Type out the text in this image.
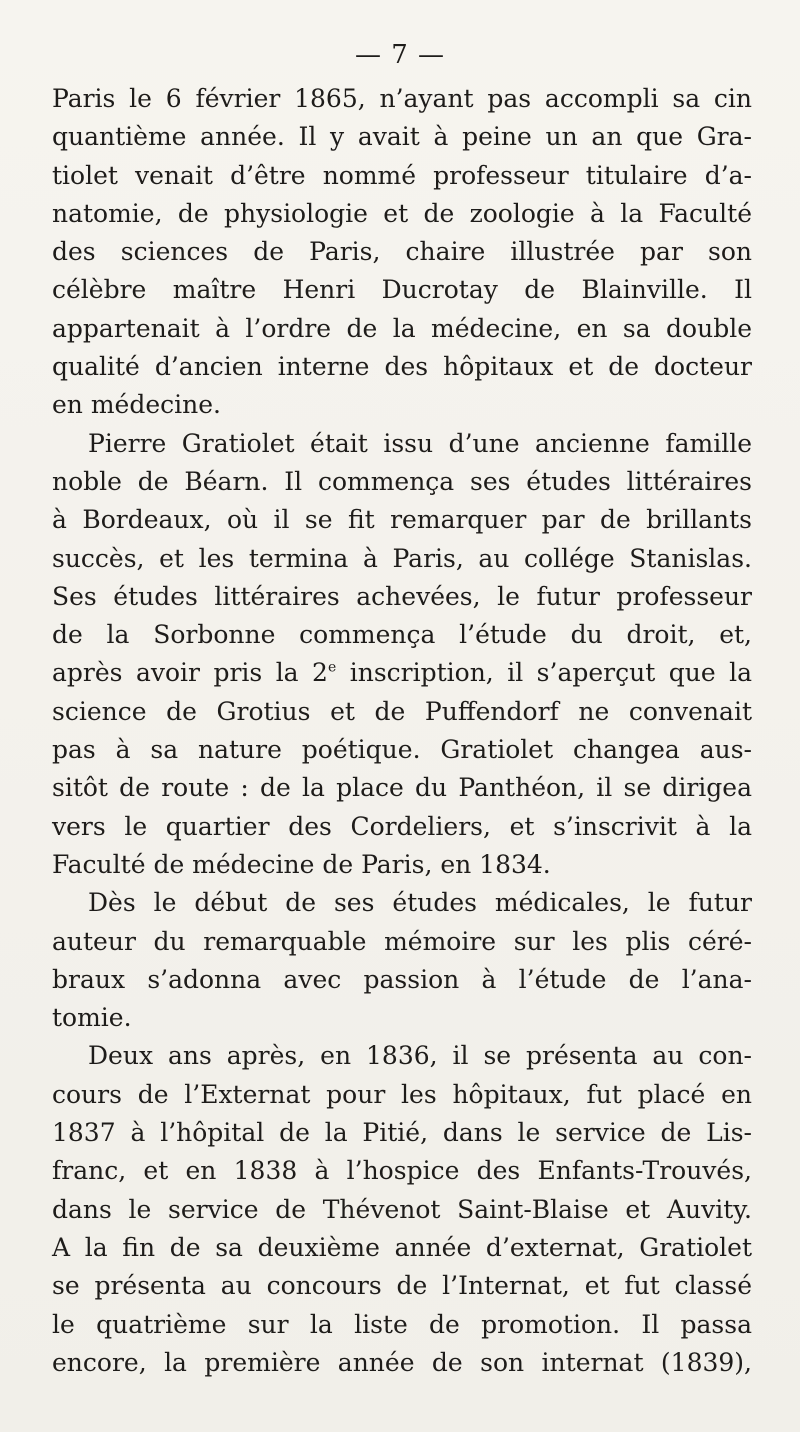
— 7 —
Paris le 6 février 1865, n’ayant pas accompli sa cin
quantième année. Il y avait à peine un an que Gra-
tiolet venait d’être nommé professeur titulaire d’a-
natomie, de physiologie et de zoologie à la Faculté
des sciences de Paris, chaire illustrée par son
célèbre maître Henri Ducrotay de Blainville. Il
appartenait à l’ordre de la médecine, en sa double
qualité d’ancien interne des hôpitaux et de docteur
en médecine.
Pierre Gratiolet était issu d’une ancienne famille
noble de Béarn. Il commença ses études littéraires
à Bordeaux, où il se fit remarquer par de brillants
succès, et les termina à Paris, au collége Stanislas.
Ses études littéraires achevées, le futur professeur
de la Sorbonne commença l’étude du droit, et,
après avoir pris la 2e inscription, il s’aperçut que la
science de Grotius et de Puffendorf ne convenait
pas à sa nature poétique. Gratiolet changea aus-
sitôt de route : de la place du Panthéon, il se dirigea
vers le quartier des Cordeliers, et s’inscrivit à la
Faculté de médecine de Paris, en 1834.
Dès le début de ses études médicales, le futur
auteur du remarquable mémoire sur les plis céré-
braux s’adonna avec passion à l’étude de l’ana-
tomie.
Deux ans après, en 1836, il se présenta au con-
cours de l’Externat pour les hôpitaux, fut placé en
1837 à l’hôpital de la Pitié, dans le service de Lis-
franc, et en 1838 à l’hospice des Enfants-Trouvés,
dans le service de Thévenot Saint-Blaise et Auvity.
A la fin de sa deuxième année d’externat, Gratiolet
se présenta au concours de l’Internat, et fut classé
le quatrième sur la liste de promotion. Il passa
encore, la première année de son internat (1839),
